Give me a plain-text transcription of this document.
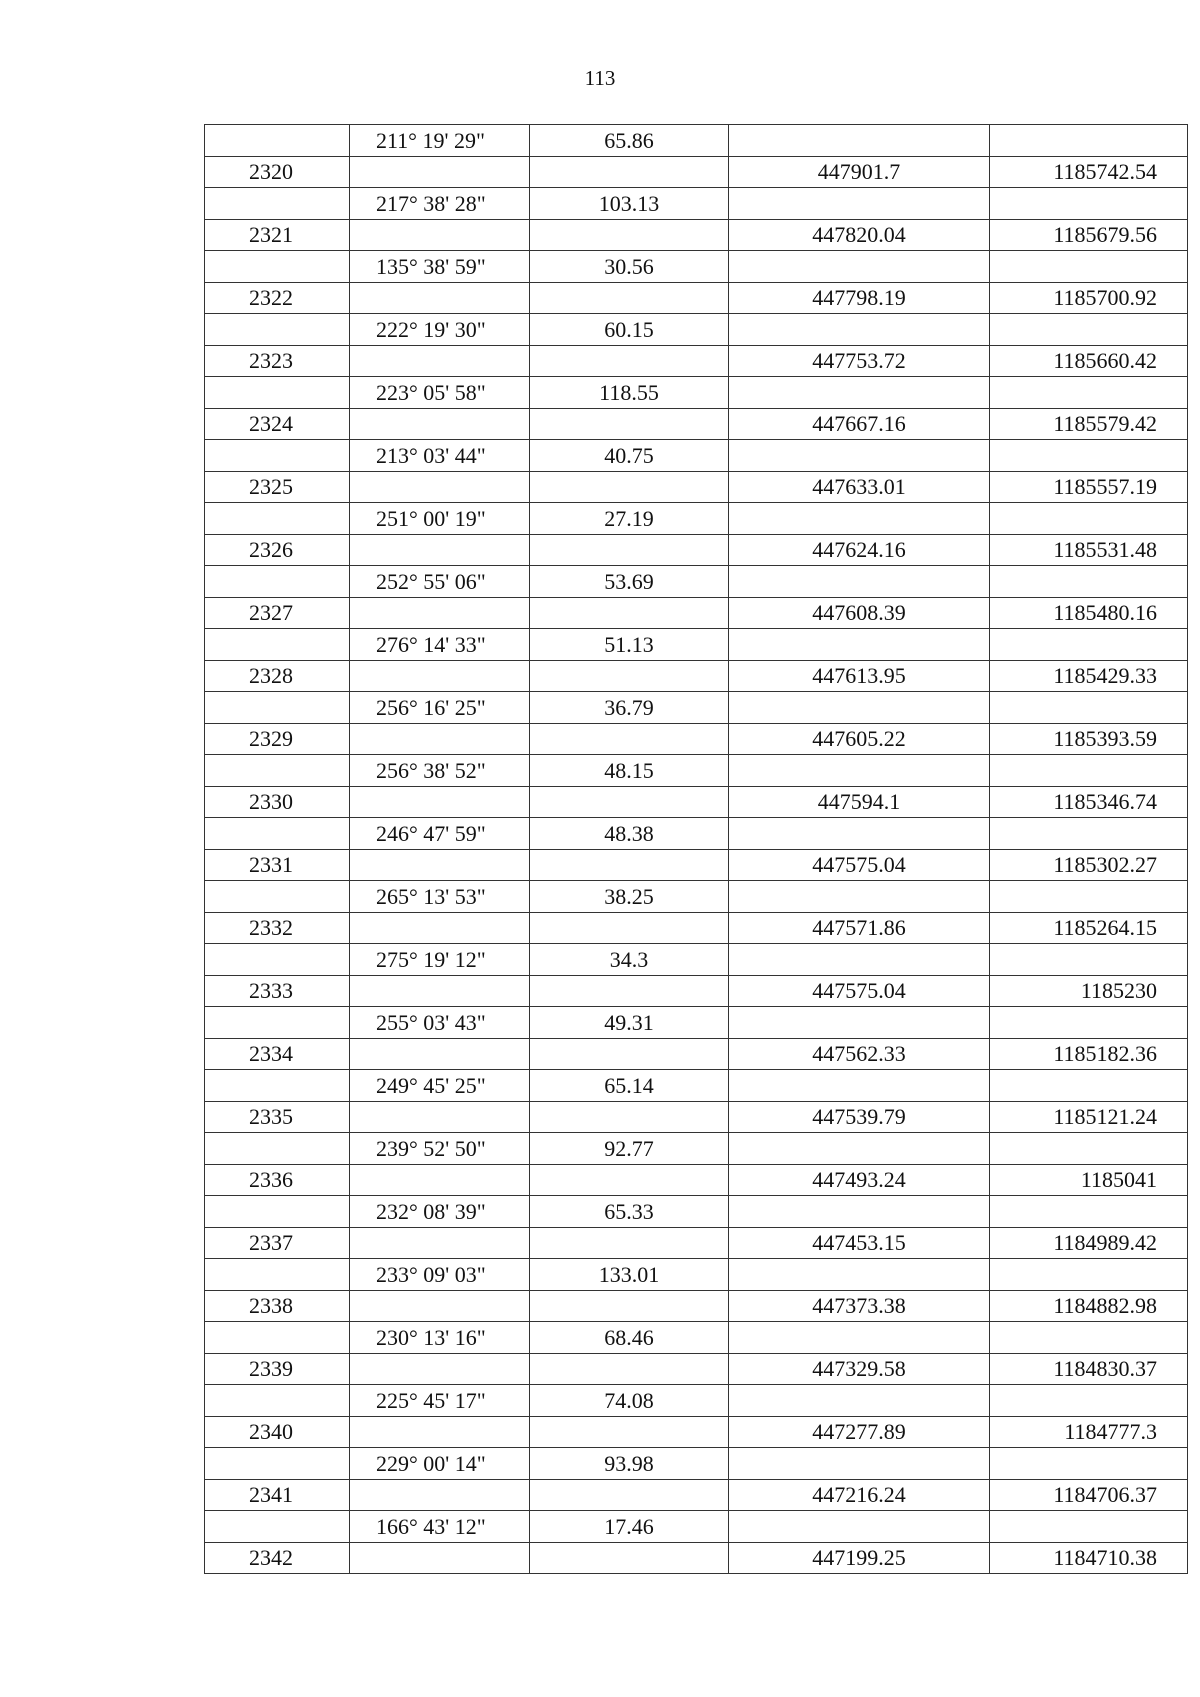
113
	211° 19' 29"	65.86		
2320			447901.7	1185742.54
	217° 38' 28"	103.13		
2321			447820.04	1185679.56
	135° 38' 59"	30.56		
2322			447798.19	1185700.92
	222° 19' 30"	60.15		
2323			447753.72	1185660.42
	223° 05' 58"	118.55		
2324			447667.16	1185579.42
	213° 03' 44"	40.75		
2325			447633.01	1185557.19
	251° 00' 19"	27.19		
2326			447624.16	1185531.48
	252° 55' 06"	53.69		
2327			447608.39	1185480.16
	276° 14' 33"	51.13		
2328			447613.95	1185429.33
	256° 16' 25"	36.79		
2329			447605.22	1185393.59
	256° 38' 52"	48.15		
2330			447594.1	1185346.74
	246° 47' 59"	48.38		
2331			447575.04	1185302.27
	265° 13' 53"	38.25		
2332			447571.86	1185264.15
	275° 19' 12"	34.3		
2333			447575.04	1185230
	255° 03' 43"	49.31		
2334			447562.33	1185182.36
	249° 45' 25"	65.14		
2335			447539.79	1185121.24
	239° 52' 50"	92.77		
2336			447493.24	1185041
	232° 08' 39"	65.33		
2337			447453.15	1184989.42
	233° 09' 03"	133.01		
2338			447373.38	1184882.98
	230° 13' 16"	68.46		
2339			447329.58	1184830.37
	225° 45' 17"	74.08		
2340			447277.89	1184777.3
	229° 00' 14"	93.98		
2341			447216.24	1184706.37
	166° 43' 12"	17.46		
2342			447199.25	1184710.38
